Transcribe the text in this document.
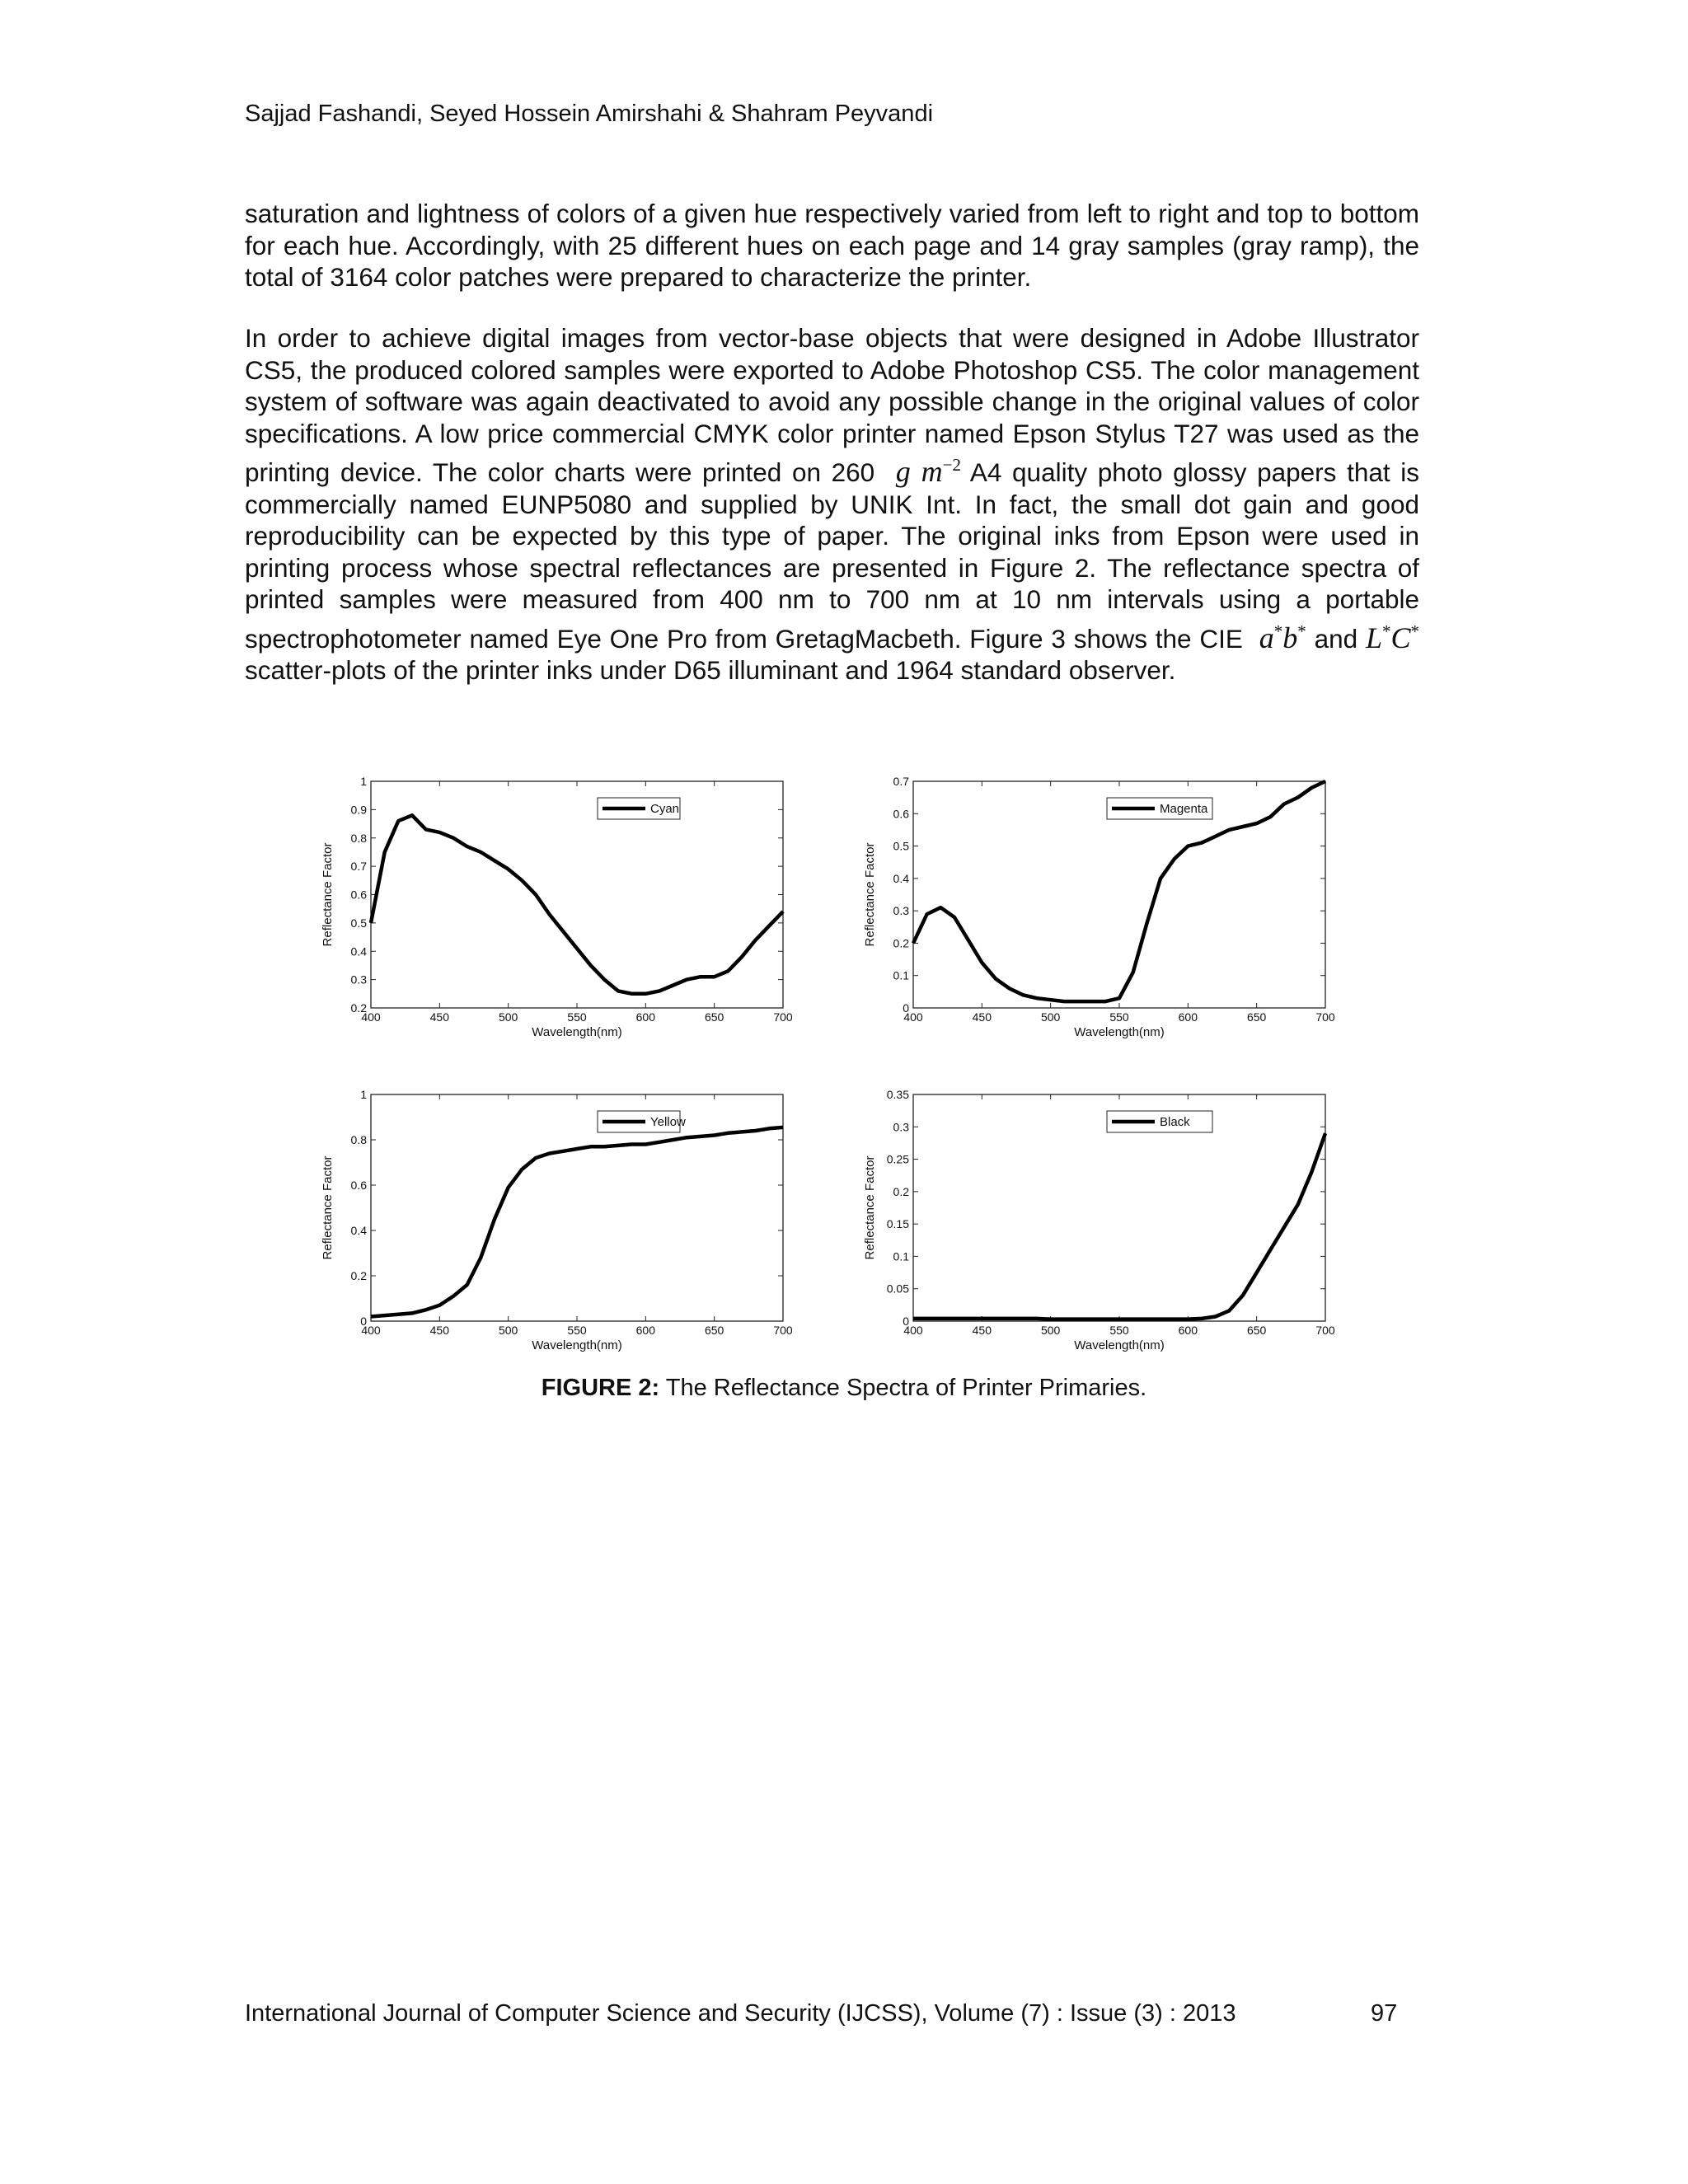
Sajjad Fashandi, Seyed Hossein Amirshahi & Shahram Peyvandi

saturation and lightness of colors of a given hue respectively varied from left to right and top to bottom for each hue. Accordingly, with 25 different hues on each page and 14 gray samples (gray ramp), the total of 3164 color patches were prepared to characterize the printer.

In order to achieve digital images from vector-base objects that were designed in Adobe Illustrator CS5, the produced colored samples were exported to Adobe Photoshop CS5. The color management system of software was again deactivated to avoid any possible change in the original values of color specifications. A low price commercial CMYK color printer named Epson Stylus T27 was used as the printing device. The color charts were printed on 260 g $m^{-2}$ A4 quality photo glossy papers that is commercially named EUNP5080 and supplied by UNIK Int. In fact, the small dot gain and good reproducibility can be expected by this type of paper. The original inks from Epson were used in printing process whose spectral reflectances are presented in Figure 2. The reflectance spectra of printed samples were measured from 400 nm to 700 nm at 10 nm intervals using a portable spectrophotometer named Eye One Pro from GretagMacbeth. Figure 3 shows the CIE a*b* and L*C* scatter-plots of the printer inks under D65 illuminant and 1964 standard observer.

400	450	500	550	600	650	700
0.2
0.3
0.4
0.5
0.6
0.7
0.8
0.9
1
Wavelength(nm)
Reflectance Factor
Cyan
400	450	500	550	600	650	700
0
0.1
0.2
0.3
0.4
0.5
0.6
0.7
Wavelength(nm)
Reflectance Factor
Magenta
400	450	500	550	600	650	700
0
0.2
0.4
0.6
0.8
1
Wavelength(nm)
Reflectance Factor
Yellow
400	450	500	550	600	650	700
0
0.05
0.1
0.15
0.2
0.25
0.3
0.35
Wavelength(nm)
Reflectance Factor
Black
FIGURE 2: The Reflectance Spectra of Printer Primaries.
International Journal of Computer Science and Security (IJCSS), Volume (7) : Issue (3) : 2013	97
